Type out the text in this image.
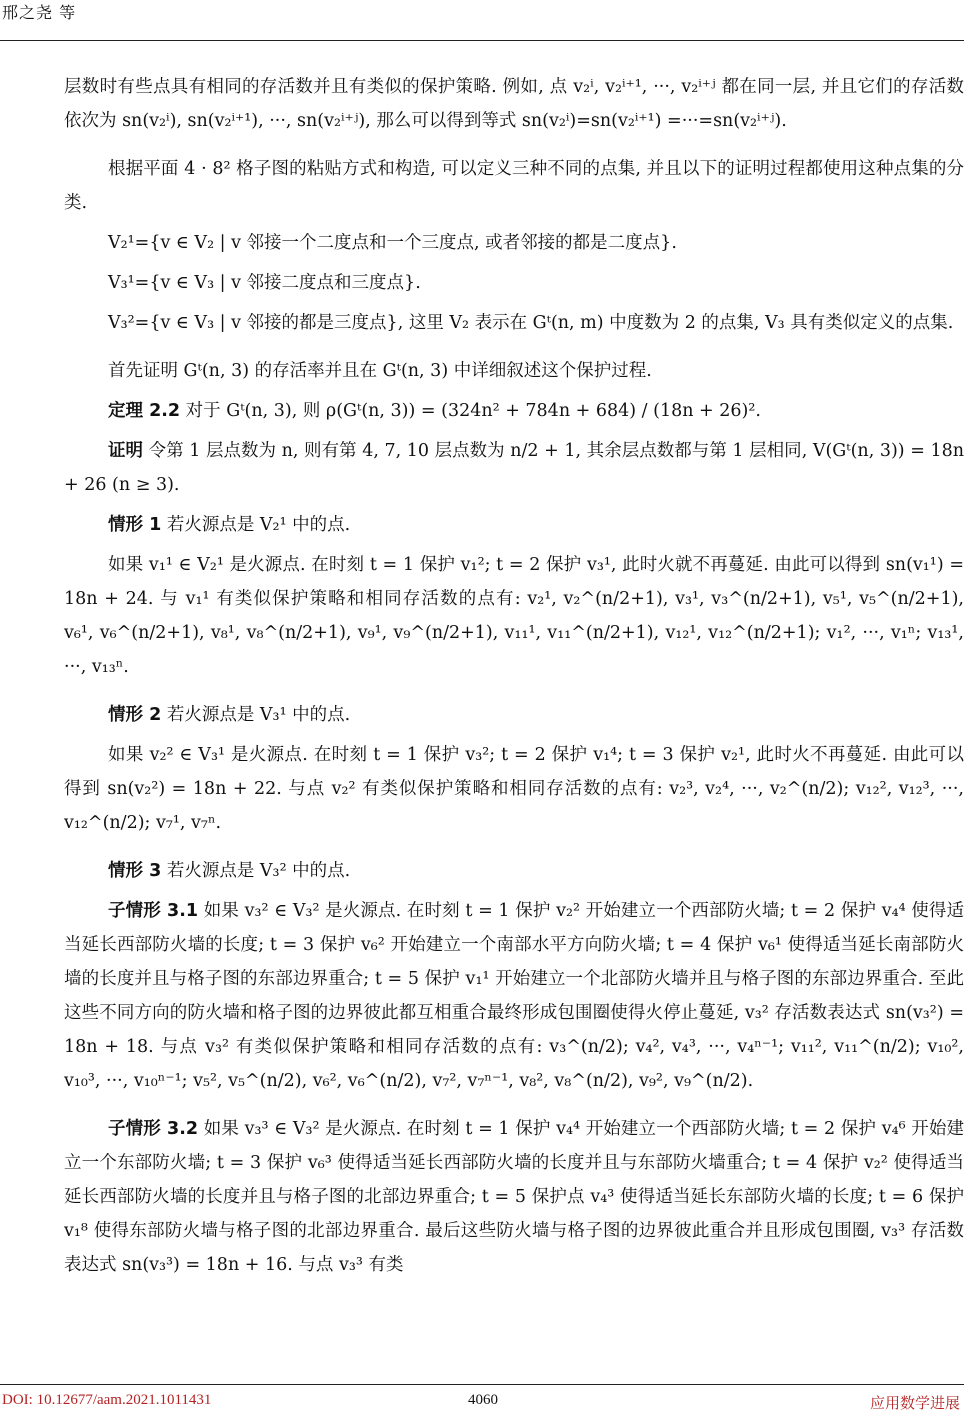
邢之尧 等

层数时有些点具有相同的存活数并且有类似的保护策略. 例如, 点 v₂ⁱ, v₂ⁱ⁺¹, ···, v₂ⁱ⁺ʲ 都在同一层, 并且它们的存活数依次为 sn(v₂ⁱ), sn(v₂ⁱ⁺¹), ···, sn(v₂ⁱ⁺ʲ), 那么可以得到等式 sn(v₂ⁱ)=sn(v₂ⁱ⁺¹) =···=sn(v₂ⁱ⁺ʲ).

根据平面 4 · 8² 格子图的粘贴方式和构造, 可以定义三种不同的点集, 并且以下的证明过程都使用这种点集的分类.

V₂¹={v ∈ V₂ | v 邻接一个二度点和一个三度点, 或者邻接的都是二度点}.

V₃¹={v ∈ V₃ | v 邻接二度点和三度点}.

V₃²={v ∈ V₃ | v 邻接的都是三度点}, 这里 V₂ 表示在 Gᵗ(n, m) 中度数为 2 的点集, V₃ 具有类似定义的点集.

首先证明 Gᵗ(n, 3) 的存活率并且在 Gᵗ(n, 3) 中详细叙述这个保护过程.

定理 2.2 对于 Gᵗ(n, 3), 则 ρ(Gᵗ(n, 3)) = (324n² + 784n + 684) / (18n + 26)².

证明 令第 1 层点数为 n, 则有第 4, 7, 10 层点数为 n/2 + 1, 其余层点数都与第 1 层相同, V(Gᵗ(n, 3)) = 18n + 26 (n ≥ 3).

情形 1 若火源点是 V₂¹ 中的点.

如果 v₁¹ ∈ V₂¹ 是火源点. 在时刻 t = 1 保护 v₁²; t = 2 保护 v₃¹, 此时火就不再蔓延. 由此可以得到 sn(v₁¹) = 18n + 24. 与 v₁¹ 有类似保护策略和相同存活数的点有: v₂¹, v₂^(n/2+1), v₃¹, v₃^(n/2+1), v₅¹, v₅^(n/2+1), v₆¹, v₆^(n/2+1), v₈¹, v₈^(n/2+1), v₉¹, v₉^(n/2+1), v₁₁¹, v₁₁^(n/2+1), v₁₂¹, v₁₂^(n/2+1); v₁², ···, v₁ⁿ; v₁₃¹, ···, v₁₃ⁿ.

情形 2 若火源点是 V₃¹ 中的点.

如果 v₂² ∈ V₃¹ 是火源点. 在时刻 t = 1 保护 v₃²; t = 2 保护 v₁⁴; t = 3 保护 v₂¹, 此时火不再蔓延. 由此可以得到 sn(v₂²) = 18n + 22. 与点 v₂² 有类似保护策略和相同存活数的点有: v₂³, v₂⁴, ···, v₂^(n/2); v₁₂², v₁₂³, ···, v₁₂^(n/2); v₇¹, v₇ⁿ.

情形 3 若火源点是 V₃² 中的点.

子情形 3.1 如果 v₃² ∈ V₃² 是火源点. 在时刻 t = 1 保护 v₂² 开始建立一个西部防火墙; t = 2 保护 v₄⁴ 使得适当延长西部防火墙的长度; t = 3 保护 v₆² 开始建立一个南部水平方向防火墙; t = 4 保护 v₆¹ 使得适当延长南部防火墙的长度并且与格子图的东部边界重合; t = 5 保护 v₁¹ 开始建立一个北部防火墙并且与格子图的东部边界重合. 至此这些不同方向的防火墙和格子图的边界彼此都互相重合最终形成包围圈使得火停止蔓延, v₃² 存活数表达式 sn(v₃²) = 18n + 18. 与点 v₃² 有类似保护策略和相同存活数的点有: v₃^(n/2); v₄², v₄³, ···, v₄ⁿ⁻¹; v₁₁², v₁₁^(n/2); v₁₀², v₁₀³, ···, v₁₀ⁿ⁻¹; v₅², v₅^(n/2), v₆², v₆^(n/2), v₇², v₇ⁿ⁻¹, v₈², v₈^(n/2), v₉², v₉^(n/2).

子情形 3.2 如果 v₃³ ∈ V₃² 是火源点. 在时刻 t = 1 保护 v₄⁴ 开始建立一个西部防火墙; t = 2 保护 v₄⁶ 开始建立一个东部防火墙; t = 3 保护 v₆³ 使得适当延长西部防火墙的长度并且与东部防火墙重合; t = 4 保护 v₂² 使得适当延长西部防火墙的长度并且与格子图的北部边界重合; t = 5 保护点 v₄³ 使得适当延长东部防火墙的长度; t = 6 保护 v₁⁸ 使得东部防火墙与格子图的北部边界重合. 最后这些防火墙与格子图的边界彼此重合并且形成包围圈, v₃³ 存活数表达式 sn(v₃³) = 18n + 16. 与点 v₃³ 有类

DOI: 10.12677/aam.2021.1011431	4060	应用数学进展
